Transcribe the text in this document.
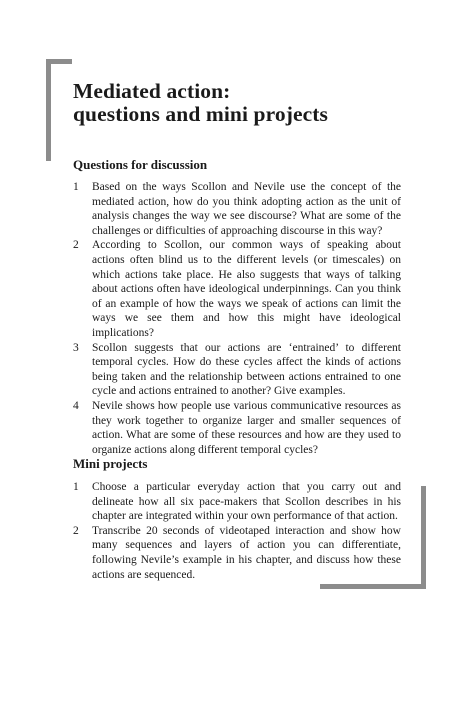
Mediated action:
questions and mini projects
Questions for discussion
1	Based on the ways Scollon and Nevile use the concept of the mediated action, how do you think adopting action as the unit of analysis changes the way we see discourse? What are some of the challenges or difficulties of approaching discourse in this way?
2	According to Scollon, our common ways of speaking about actions often blind us to the different levels (or timescales) on which actions take place. He also suggests that ways of talking about actions often have ideological underpinnings. Can you think of an example of how the ways we speak of actions can limit the ways we see them and how this might have ideological implications?
3	Scollon suggests that our actions are ‘entrained’ to different temporal cycles. How do these cycles affect the kinds of actions being taken and the relationship between actions entrained to one cycle and actions entrained to another? Give examples.
4	Nevile shows how people use various communicative resources as they work together to organize larger and smaller sequences of action. What are some of these resources and how are they used to organize actions along different temporal cycles?
Mini projects
1	Choose a particular everyday action that you carry out and delineate how all six pace-makers that Scollon describes in his chapter are integrated within your own performance of that action.
2	Transcribe 20 seconds of videotaped interaction and show how many sequences and layers of action you can differentiate, following Nevile’s example in his chapter, and discuss how these actions are sequenced.
